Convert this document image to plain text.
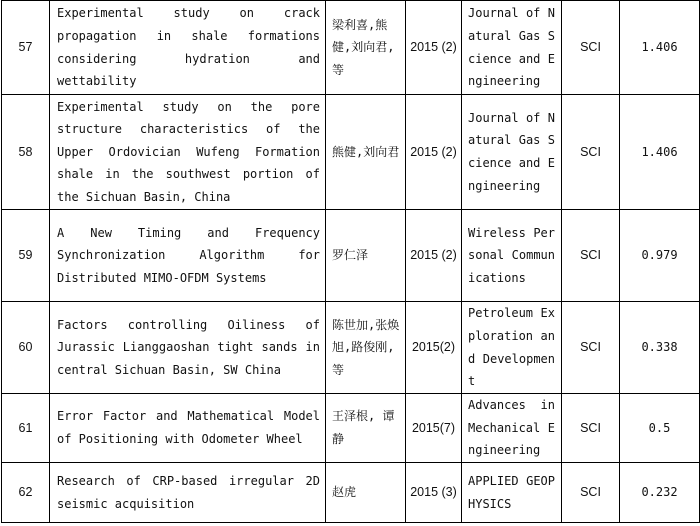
57	Experimental study on crack propagation in shale formations considering hydration and wettability	梁利喜,熊健,刘向君,等	2015 (2)	Journal of Natural Gas Science and Engineering	SCI	1.406
58	Experimental study on the pore structure characteristics of the Upper Ordovician Wufeng Formation shale in the southwest portion of the Sichuan Basin, China	熊健,刘向君	2015 (2)	Journal of Natural Gas Science and Engineering	SCI	1.406
59	A New Timing and Frequency Synchronization Algorithm for Distributed MIMO-OFDM Systems	罗仁泽	2015 (2)	Wireless Personal Communications	SCI	0.979
60	Factors controlling Oiliness of Jurassic Lianggaoshan tight sands in central Sichuan Basin, SW China	陈世加,张焕旭,路俊刚,等	2015(2)	Petroleum Exploration and Development	SCI	0.338
61	Error Factor and Mathematical Model of Positioning with Odometer Wheel	王泽根, 谭静	2015(7)	Advances in Mechanical Engineering	SCI	0.5
62	Research of CRP-based irregular 2D seismic acquisition	赵虎	2015 (3)	APPLIED GEOPHYSICS	SCI	0.232
